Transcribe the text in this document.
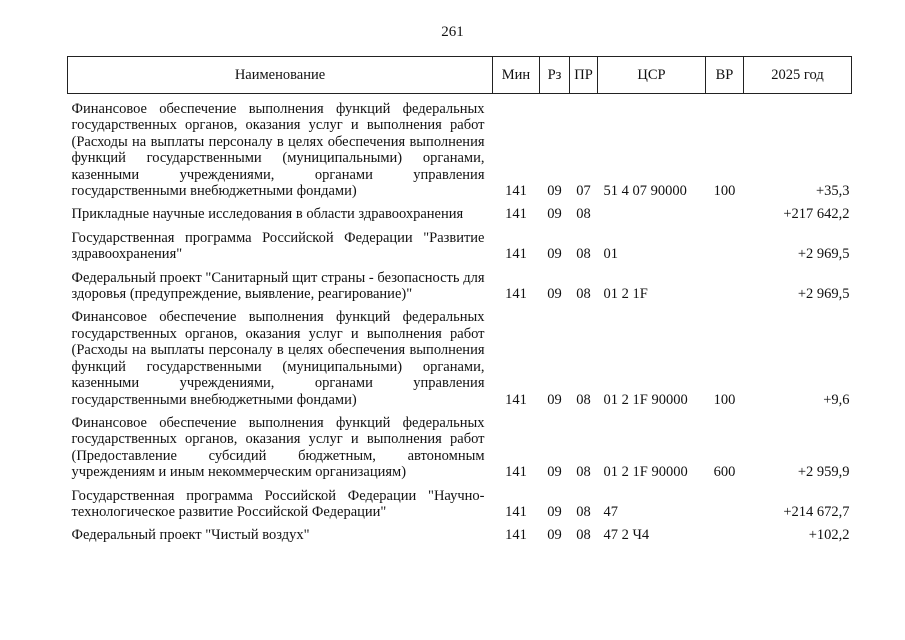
261
Наименование	Мин	Рз	ПР	ЦСР	ВР	2025 год
Финансовое обеспечение выполнения функций федеральных государственных органов, оказания услуг и выполнения работ (Расходы на выплаты персоналу в целях обеспечения выполнения функций государственными (муниципальными) органами, казенными учреждениями, органами управления государственными внебюджетными фондами)	141	09	07	51 4 07 90000	100	+35,3
Прикладные научные исследования в области здравоохранения	141	09	08			+217 642,2
Государственная программа Российской Федерации "Развитие здравоохранения"	141	09	08	01		+2 969,5
Федеральный проект "Санитарный щит страны - безопасность для здоровья (предупреждение, выявление, реагирование)"	141	09	08	01 2 1F		+2 969,5
Финансовое обеспечение выполнения функций федеральных государственных органов, оказания услуг и выполнения работ (Расходы на выплаты персоналу в целях обеспечения выполнения функций государственными (муниципальными) органами, казенными учреждениями, органами управления государственными внебюджетными фондами)	141	09	08	01 2 1F 90000	100	+9,6
Финансовое обеспечение выполнения функций федеральных государственных органов, оказания услуг и выполнения работ (Предоставление субсидий бюджетным, автономным учреждениям и иным некоммерческим организациям)	141	09	08	01 2 1F 90000	600	+2 959,9
Государственная программа Российской Федерации "Научно-технологическое развитие Российской Федерации"	141	09	08	47		+214 672,7
Федеральный проект "Чистый воздух"	141	09	08	47 2 Ч4		+102,2
